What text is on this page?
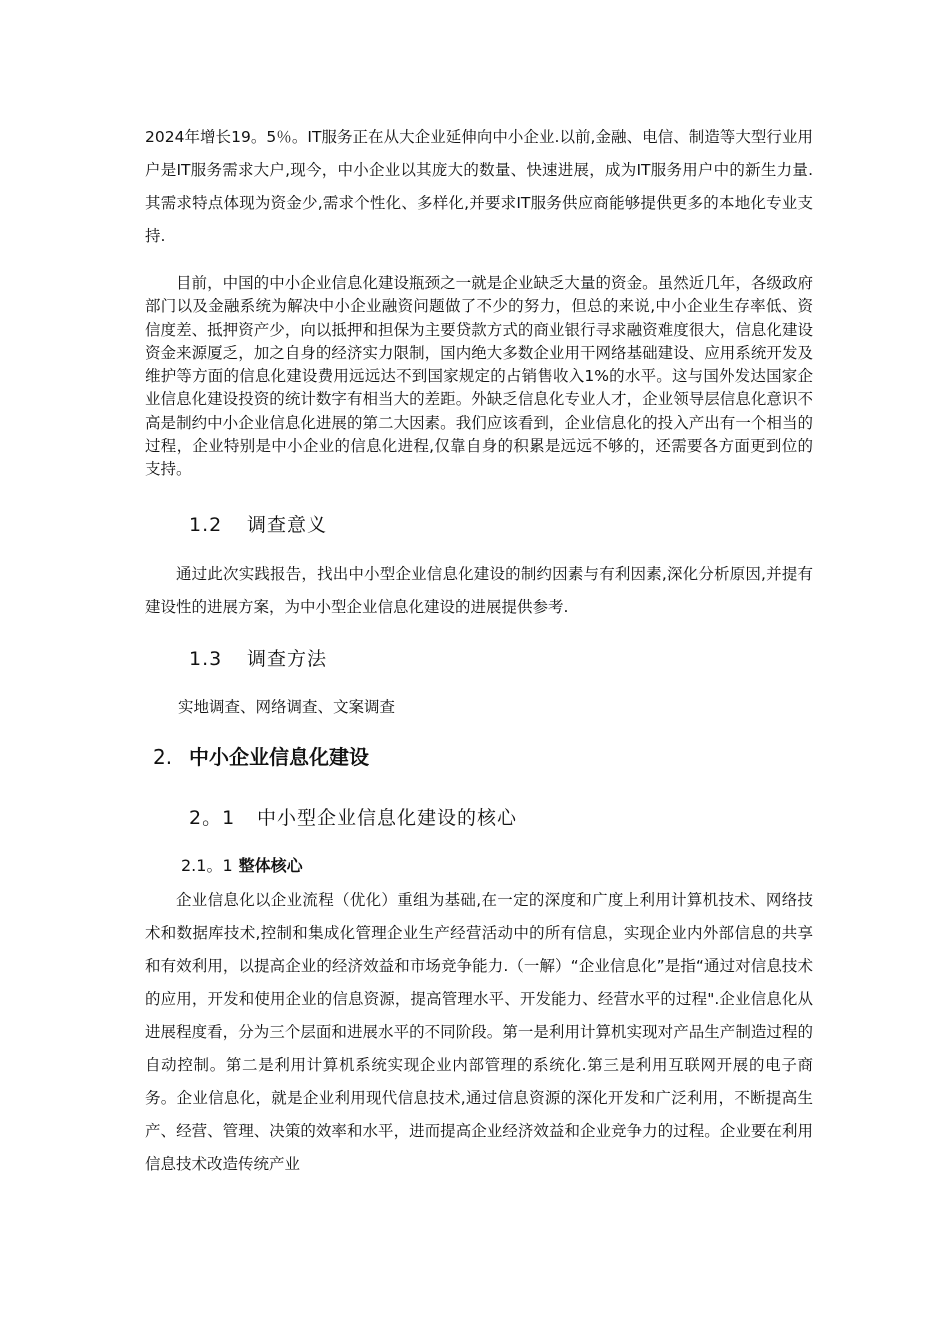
2024年增长19。5％。IT服务正在从大企业延伸向中小企业.以前,金融、电信、制造等大型行业用户是IT服务需求大户,现今，中小企业以其庞大的数量、快速进展，成为IT服务用户中的新生力量.其需求特点体现为资金少,需求个性化、多样化,并要求IT服务供应商能够提供更多的本地化专业支持.

目前，中国的中小企业信息化建设瓶颈之一就是企业缺乏大量的资金。虽然近几年，各级政府部门以及金融系统为解决中小企业融资问题做了不少的努力，但总的来说,中小企业生存率低、资信度差、抵押资产少，向以抵押和担保为主要贷款方式的商业银行寻求融资难度很大，信息化建设资金来源厦乏，加之自身的经济实力限制，国内绝大多数企业用干网络基础建设、应用系统开发及维护等方面的信息化建设费用远远达不到国家规定的占销售收入1%的水平。这与国外发达国家企业信息化建设投资的统计数字有相当大的差距。外缺乏信息化专业人才，企业领导层信息化意识不高是制约中小企业信息化进展的第二大因素。我们应该看到，企业信息化的投入产出有一个相当的过程，企业特别是中小企业的信息化进程,仅靠自身的积累是远远不够的，还需要各方面更到位的支持。

1.2 调查意义

通过此次实践报告，找出中小型企业信息化建设的制约因素与有利因素,深化分析原因,并提有建设性的进展方案，为中小型企业信息化建设的进展提供参考.

1.3 调查方法

实地调查、网络调查、文案调查

2. 中小企业信息化建设
2。1 中小型企业信息化建设的核心
2.1。1 整体核心

企业信息化以企业流程（优化）重组为基础,在一定的深度和广度上利用计算机技术、网络技术和数据库技术,控制和集成化管理企业生产经营活动中的所有信息，实现企业内外部信息的共享和有效利用，以提高企业的经济效益和市场竞争能力.（一解）“企业信息化”是指“通过对信息技术的应用，开发和使用企业的信息资源，提高管理水平、开发能力、经营水平的过程".企业信息化从进展程度看，分为三个层面和进展水平的不同阶段。第一是利用计算机实现对产品生产制造过程的自动控制。第二是利用计算机系统实现企业内部管理的系统化.第三是利用互联网开展的电子商务。企业信息化，就是企业利用现代信息技术,通过信息资源的深化开发和广泛利用，不断提高生产、经营、管理、决策的效率和水平，进而提高企业经济效益和企业竞争力的过程。企业要在利用信息技术改造传统产业
